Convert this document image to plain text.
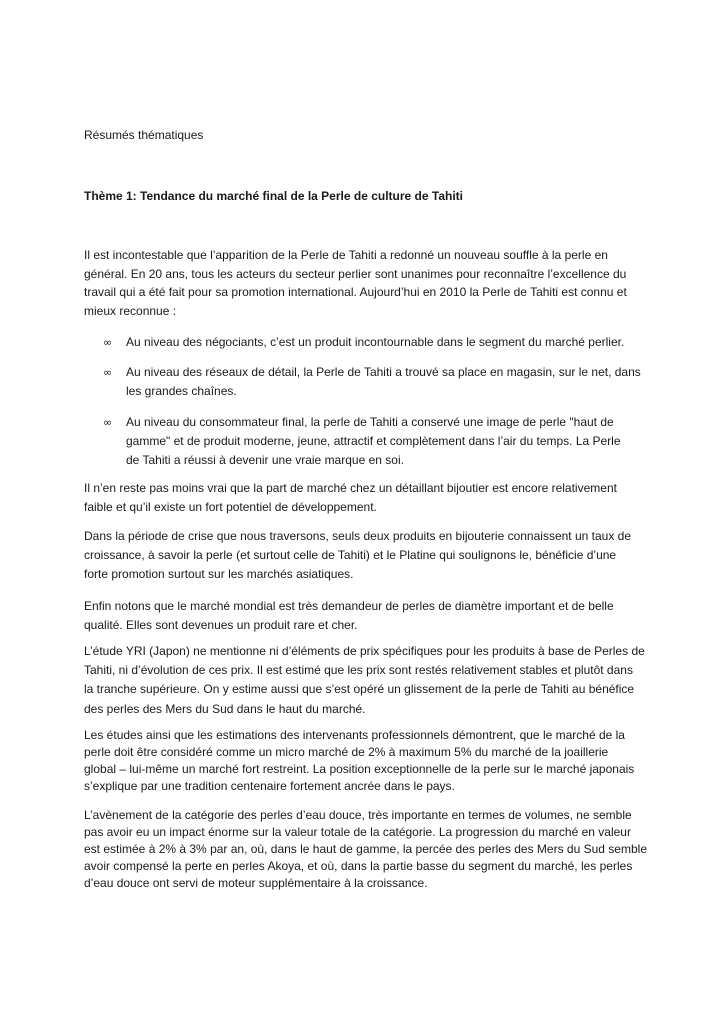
Résumés thématiques

Thème 1: Tendance du marché final de la Perle de culture de Tahiti

Il est incontestable que l’apparition de la Perle de Tahiti a redonné un nouveau souffle à la perle en
général. En 20 ans, tous les acteurs du secteur perlier sont unanimes pour reconnaître l’excellence du
travail qui a été fait pour sa promotion international. Aujourd’hui en 2010 la Perle de Tahiti est connu et
mieux reconnue :

∞ Au niveau des négociants, c’est un produit incontournable dans le segment du marché perlier.
∞ Au niveau des réseaux de détail, la Perle de Tahiti a trouvé sa place en magasin, sur le net, dans
les grandes chaînes.
∞ Au niveau du consommateur final, la perle de Tahiti a conservé une image de perle "haut de
gamme" et de produit moderne, jeune, attractif et complètement dans l’air du temps. La Perle
de Tahiti a réussi à devenir une vraie marque en soi.

Il n’en reste pas moins vrai que la part de marché chez un détaillant bijoutier est encore relativement
faible et qu’il existe un fort potentiel de développement.

Dans la période de crise que nous traversons, seuls deux produits en bijouterie connaissent un taux de
croissance, à savoir la perle (et surtout celle de Tahiti) et le Platine qui soulignons le, bénéficie d’une
forte promotion surtout sur les marchés asiatiques.

Enfin notons que le marché mondial est très demandeur de perles de diamètre important et de belle
qualité. Elles sont devenues un produit rare et cher.

L’étude YRI (Japon) ne mentionne ni d’éléments de prix spécifiques pour les produits à base de Perles de
Tahiti, ni d’évolution de ces prix. Il est estimé que les prix sont restés relativement stables et plutôt dans
la tranche supérieure. On y estime aussi que s’est opéré un glissement de la perle de Tahiti au bénéfice
des perles des Mers du Sud dans le haut du marché.

Les études ainsi que les estimations des intervenants professionnels démontrent, que le marché de la
perle doit être considéré comme un micro marché de 2% à maximum 5% du marché de la joaillerie
global – lui-même un marché fort restreint. La position exceptionnelle de la perle sur le marché japonais
s’explique par une tradition centenaire fortement ancrée dans le pays.

L’avènement de la catégorie des perles d’eau douce, très importante en termes de volumes, ne semble
pas avoir eu un impact énorme sur la valeur totale de la catégorie. La progression du marché en valeur
est estimée à 2% à 3% par an, où, dans le haut de gamme, la percée des perles des Mers du Sud semble
avoir compensé la perte en perles Akoya, et où, dans la partie basse du segment du marché, les perles
d’eau douce ont servi de moteur supplémentaire à la croissance.
